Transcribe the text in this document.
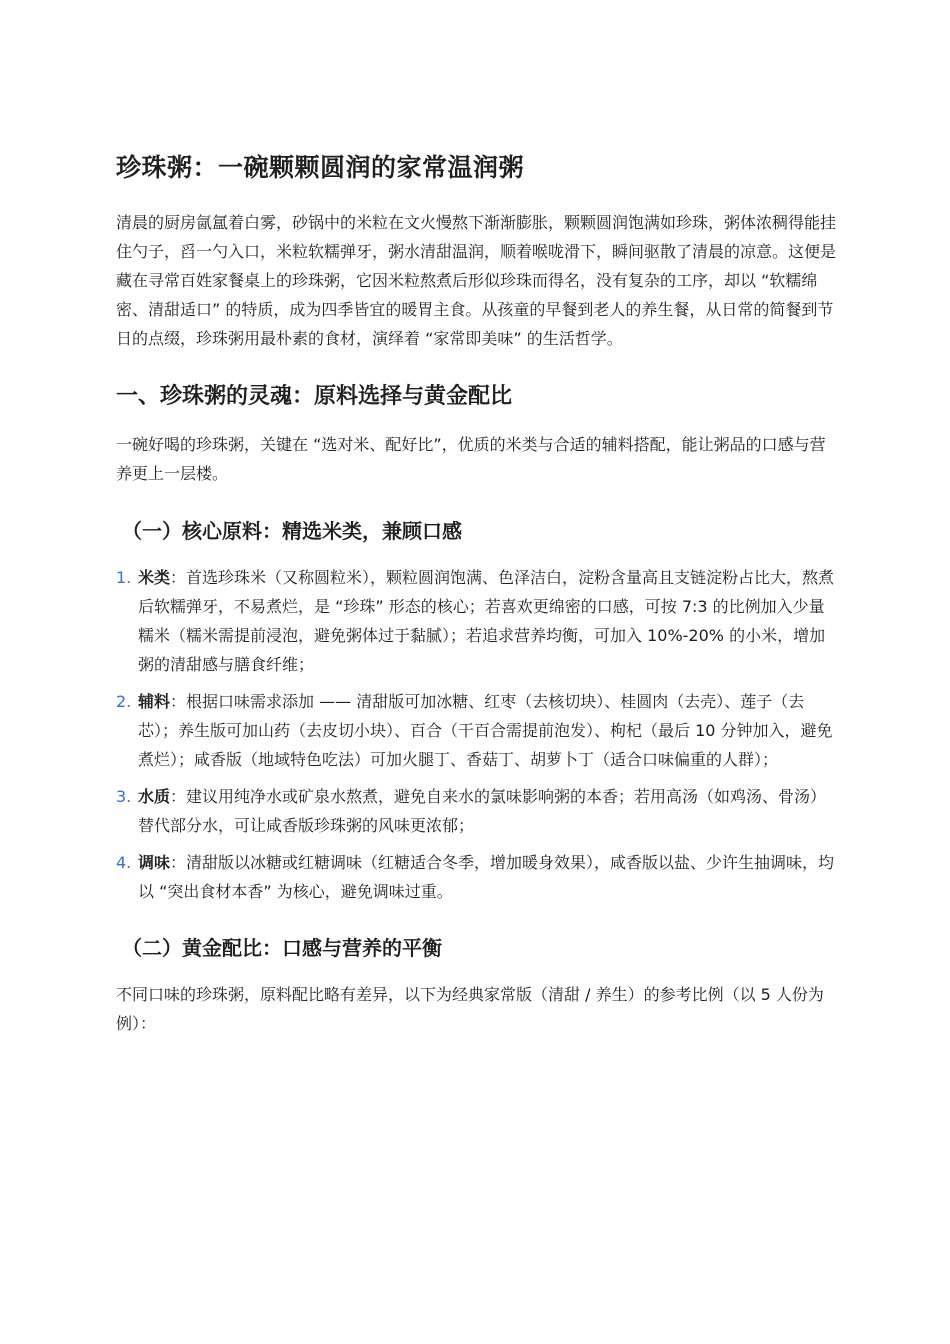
珍珠粥：一碗颗颗圆润的家常温润粥

清晨的厨房氤氲着白雾，砂锅中的米粒在文火慢熬下渐渐膨胀，颗颗圆润饱满如珍珠，粥体浓稠得能挂住勺子，舀一勺入口，米粒软糯弹牙，粥水清甜温润，顺着喉咙滑下，瞬间驱散了清晨的凉意。这便是藏在寻常百姓家餐桌上的珍珠粥，它因米粒熬煮后形似珍珠而得名，没有复杂的工序，却以 “软糯绵密、清甜适口” 的特质，成为四季皆宜的暖胃主食。从孩童的早餐到老人的养生餐，从日常的简餐到节日的点缀，珍珠粥用最朴素的食材，演绎着 “家常即美味” 的生活哲学。

一、珍珠粥的灵魂：原料选择与黄金配比

一碗好喝的珍珠粥，关键在 “选对米、配好比”，优质的米类与合适的辅料搭配，能让粥品的口感与营养更上一层楼。

（一）核心原料：精选米类，兼顾口感
1. 米类：首选珍珠米（又称圆粒米），颗粒圆润饱满、色泽洁白，淀粉含量高且支链淀粉占比大，熬煮后软糯弹牙，不易煮烂，是 “珍珠” 形态的核心；若喜欢更绵密的口感，可按 7:3 的比例加入少量糯米（糯米需提前浸泡，避免粥体过于黏腻）；若追求营养均衡，可加入 10%-20% 的小米，增加粥的清甜感与膳食纤维；
2. 辅料：根据口味需求添加 —— 清甜版可加冰糖、红枣（去核切块）、桂圆肉（去壳）、莲子（去芯）；养生版可加山药（去皮切小块）、百合（干百合需提前泡发）、枸杞（最后 10 分钟加入，避免煮烂）；咸香版（地域特色吃法）可加火腿丁、香菇丁、胡萝卜丁（适合口味偏重的人群）；
3. 水质：建议用纯净水或矿泉水熬煮，避免自来水的氯味影响粥的本香；若用高汤（如鸡汤、骨汤）替代部分水，可让咸香版珍珠粥的风味更浓郁；
4. 调味：清甜版以冰糖或红糖调味（红糖适合冬季，增加暖身效果），咸香版以盐、少许生抽调味，均以 “突出食材本香” 为核心，避免调味过重。
（二）黄金配比：口感与营养的平衡

不同口味的珍珠粥，原料配比略有差异，以下为经典家常版（清甜 / 养生）的参考比例（以 5 人份为例）：
